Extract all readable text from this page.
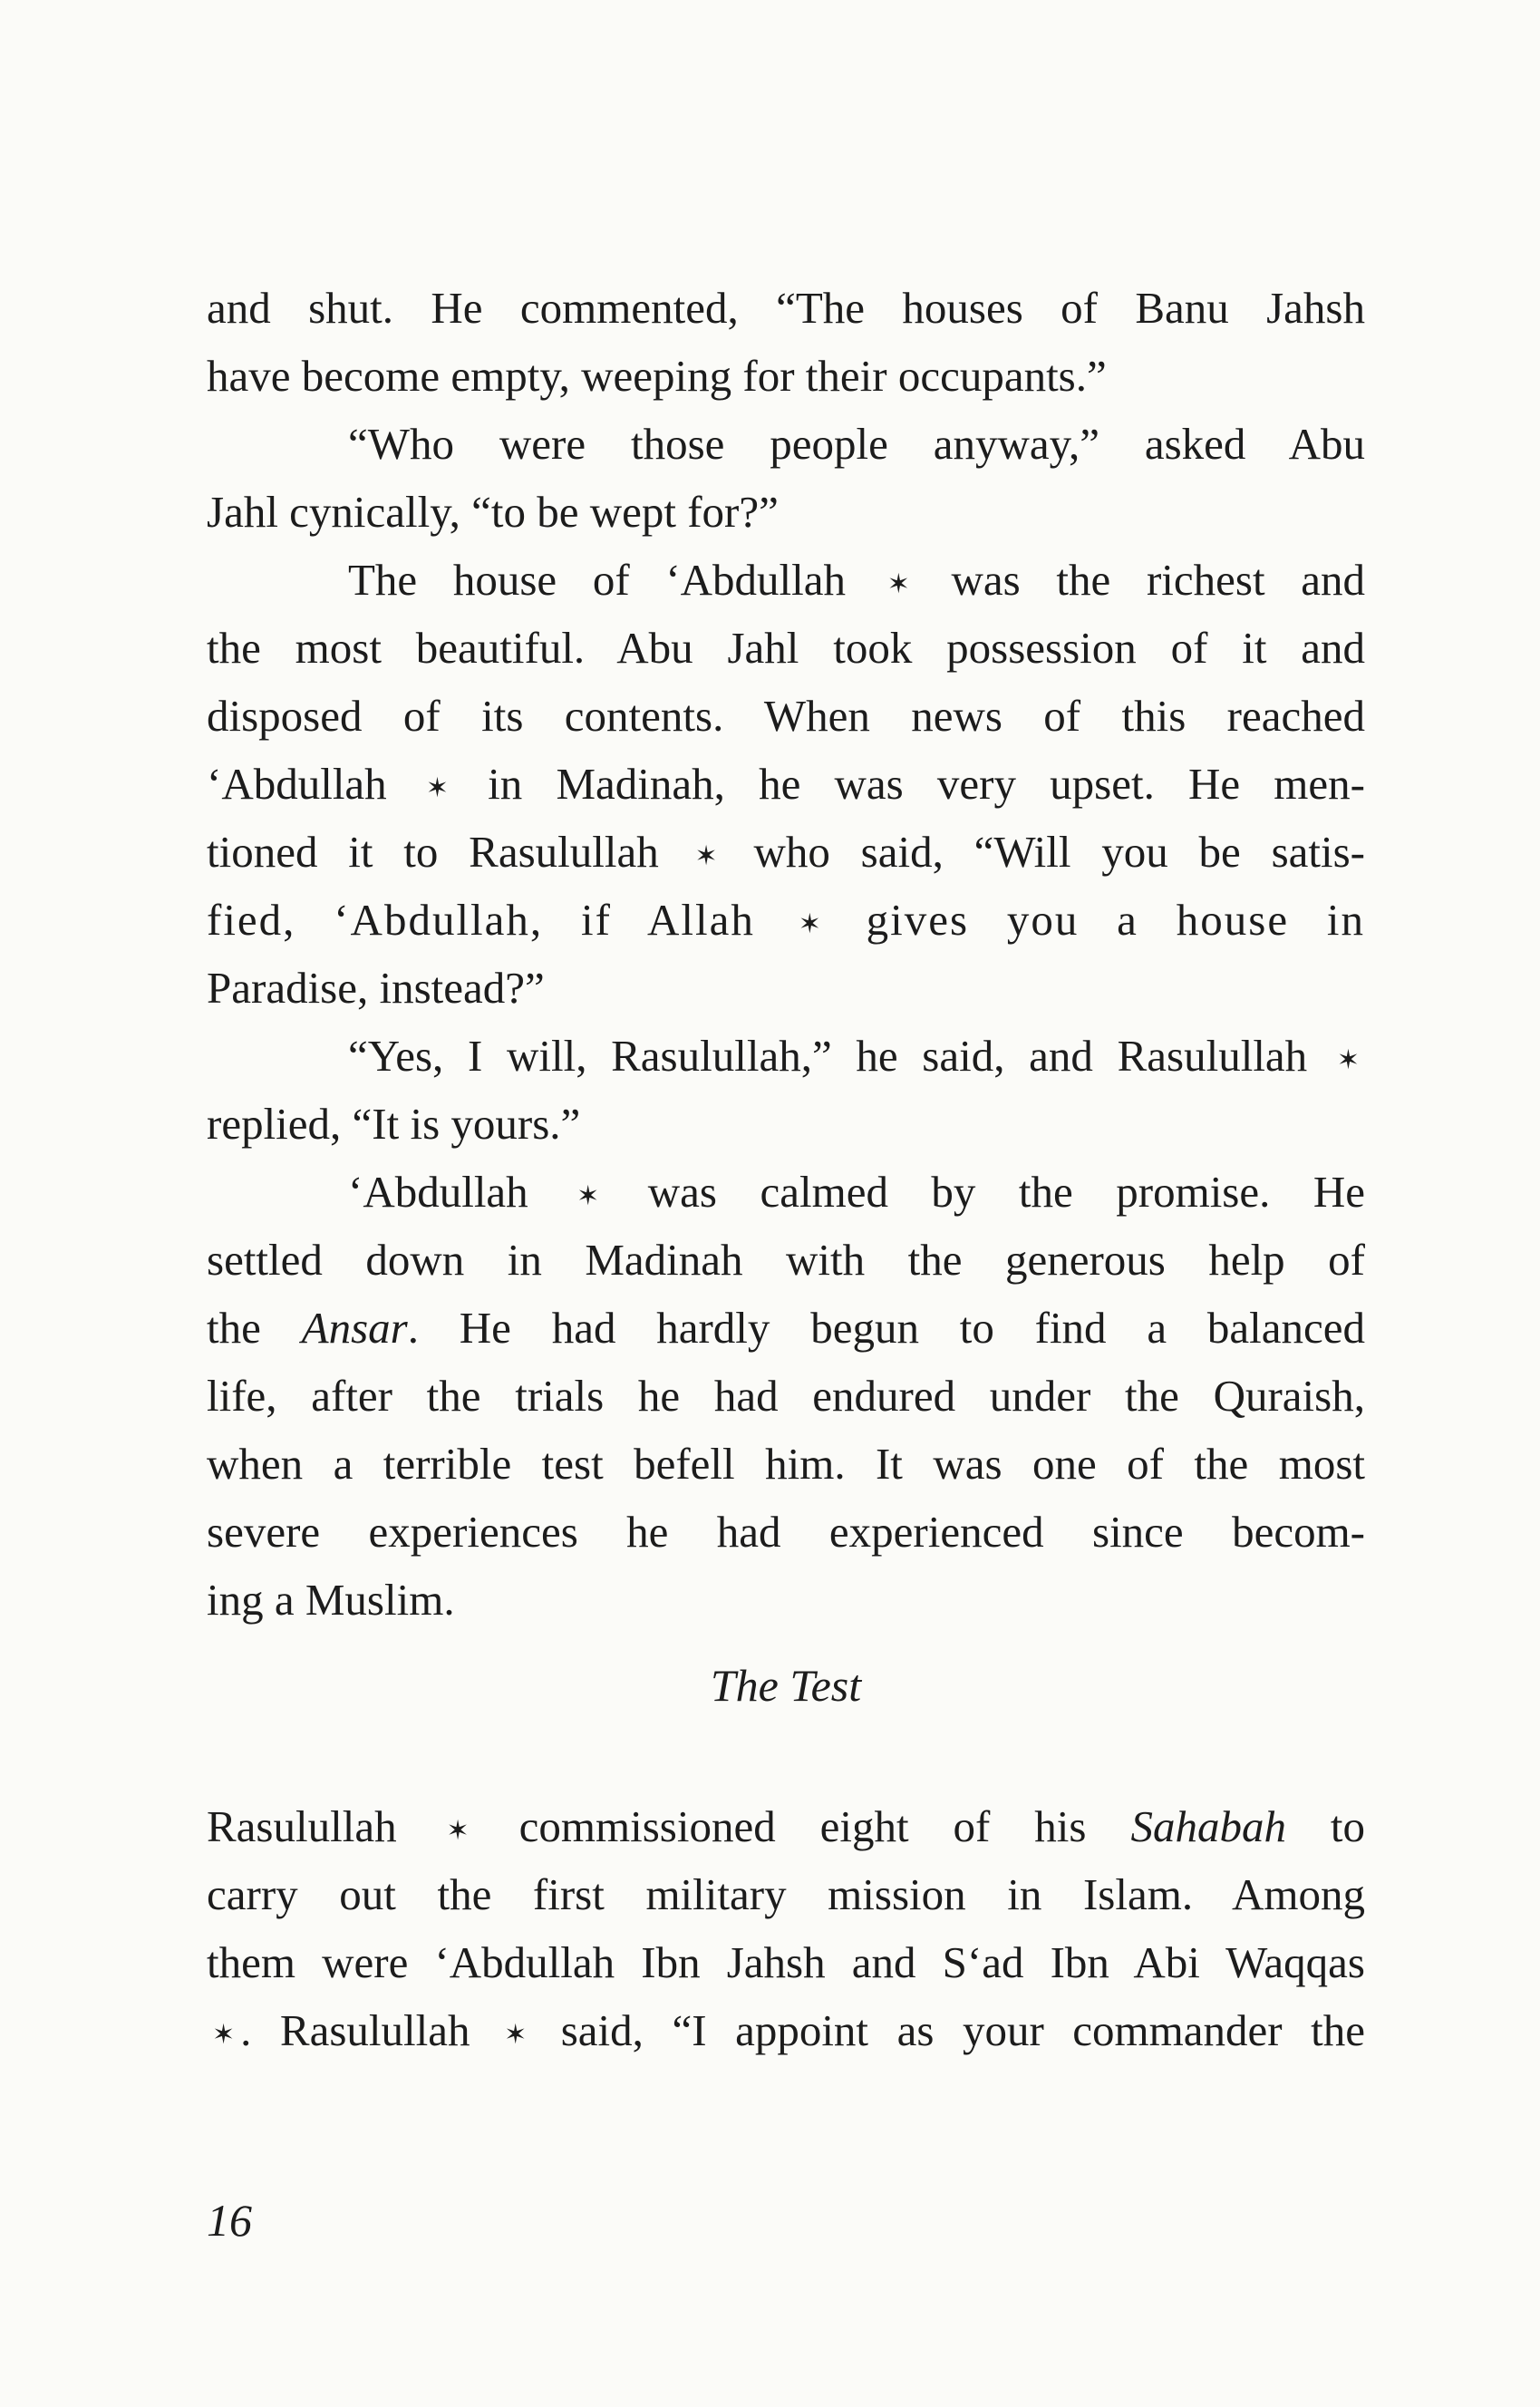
and shut. He commented, “The houses of Banu Jahsh
have become empty, weeping for their occupants.”
“Who were those people anyway,” asked Abu
Jahl cynically, “to be wept for?”
The house of ‘Abdullah ✶ was the richest and
the most beautiful. Abu Jahl took possession of it and
disposed of its contents. When news of this reached
‘Abdullah ✶ in Madinah, he was very upset. He men-
tioned it to Rasulullah ✶ who said, “Will you be satis-
fied, ‘Abdullah, if Allah ✶ gives you a house in
Paradise, instead?”
“Yes, I will, Rasulullah,” he said, and Rasulullah ✶
replied, “It is yours.”
‘Abdullah ✶ was calmed by the promise. He
settled down in Madinah with the generous help of
the Ansar. He had hardly begun to find a balanced
life, after the trials he had endured under the Quraish,
when a terrible test befell him. It was one of the most
severe experiences he had experienced since becom-
ing a Muslim.
The Test
Rasulullah ✶ commissioned eight of his Sahabah to
carry out the first military mission in Islam. Among
them were ‘Abdullah Ibn Jahsh and S‘ad Ibn Abi Waqqas
✶ . Rasulullah ✶ said, “I appoint as your commander the
16
